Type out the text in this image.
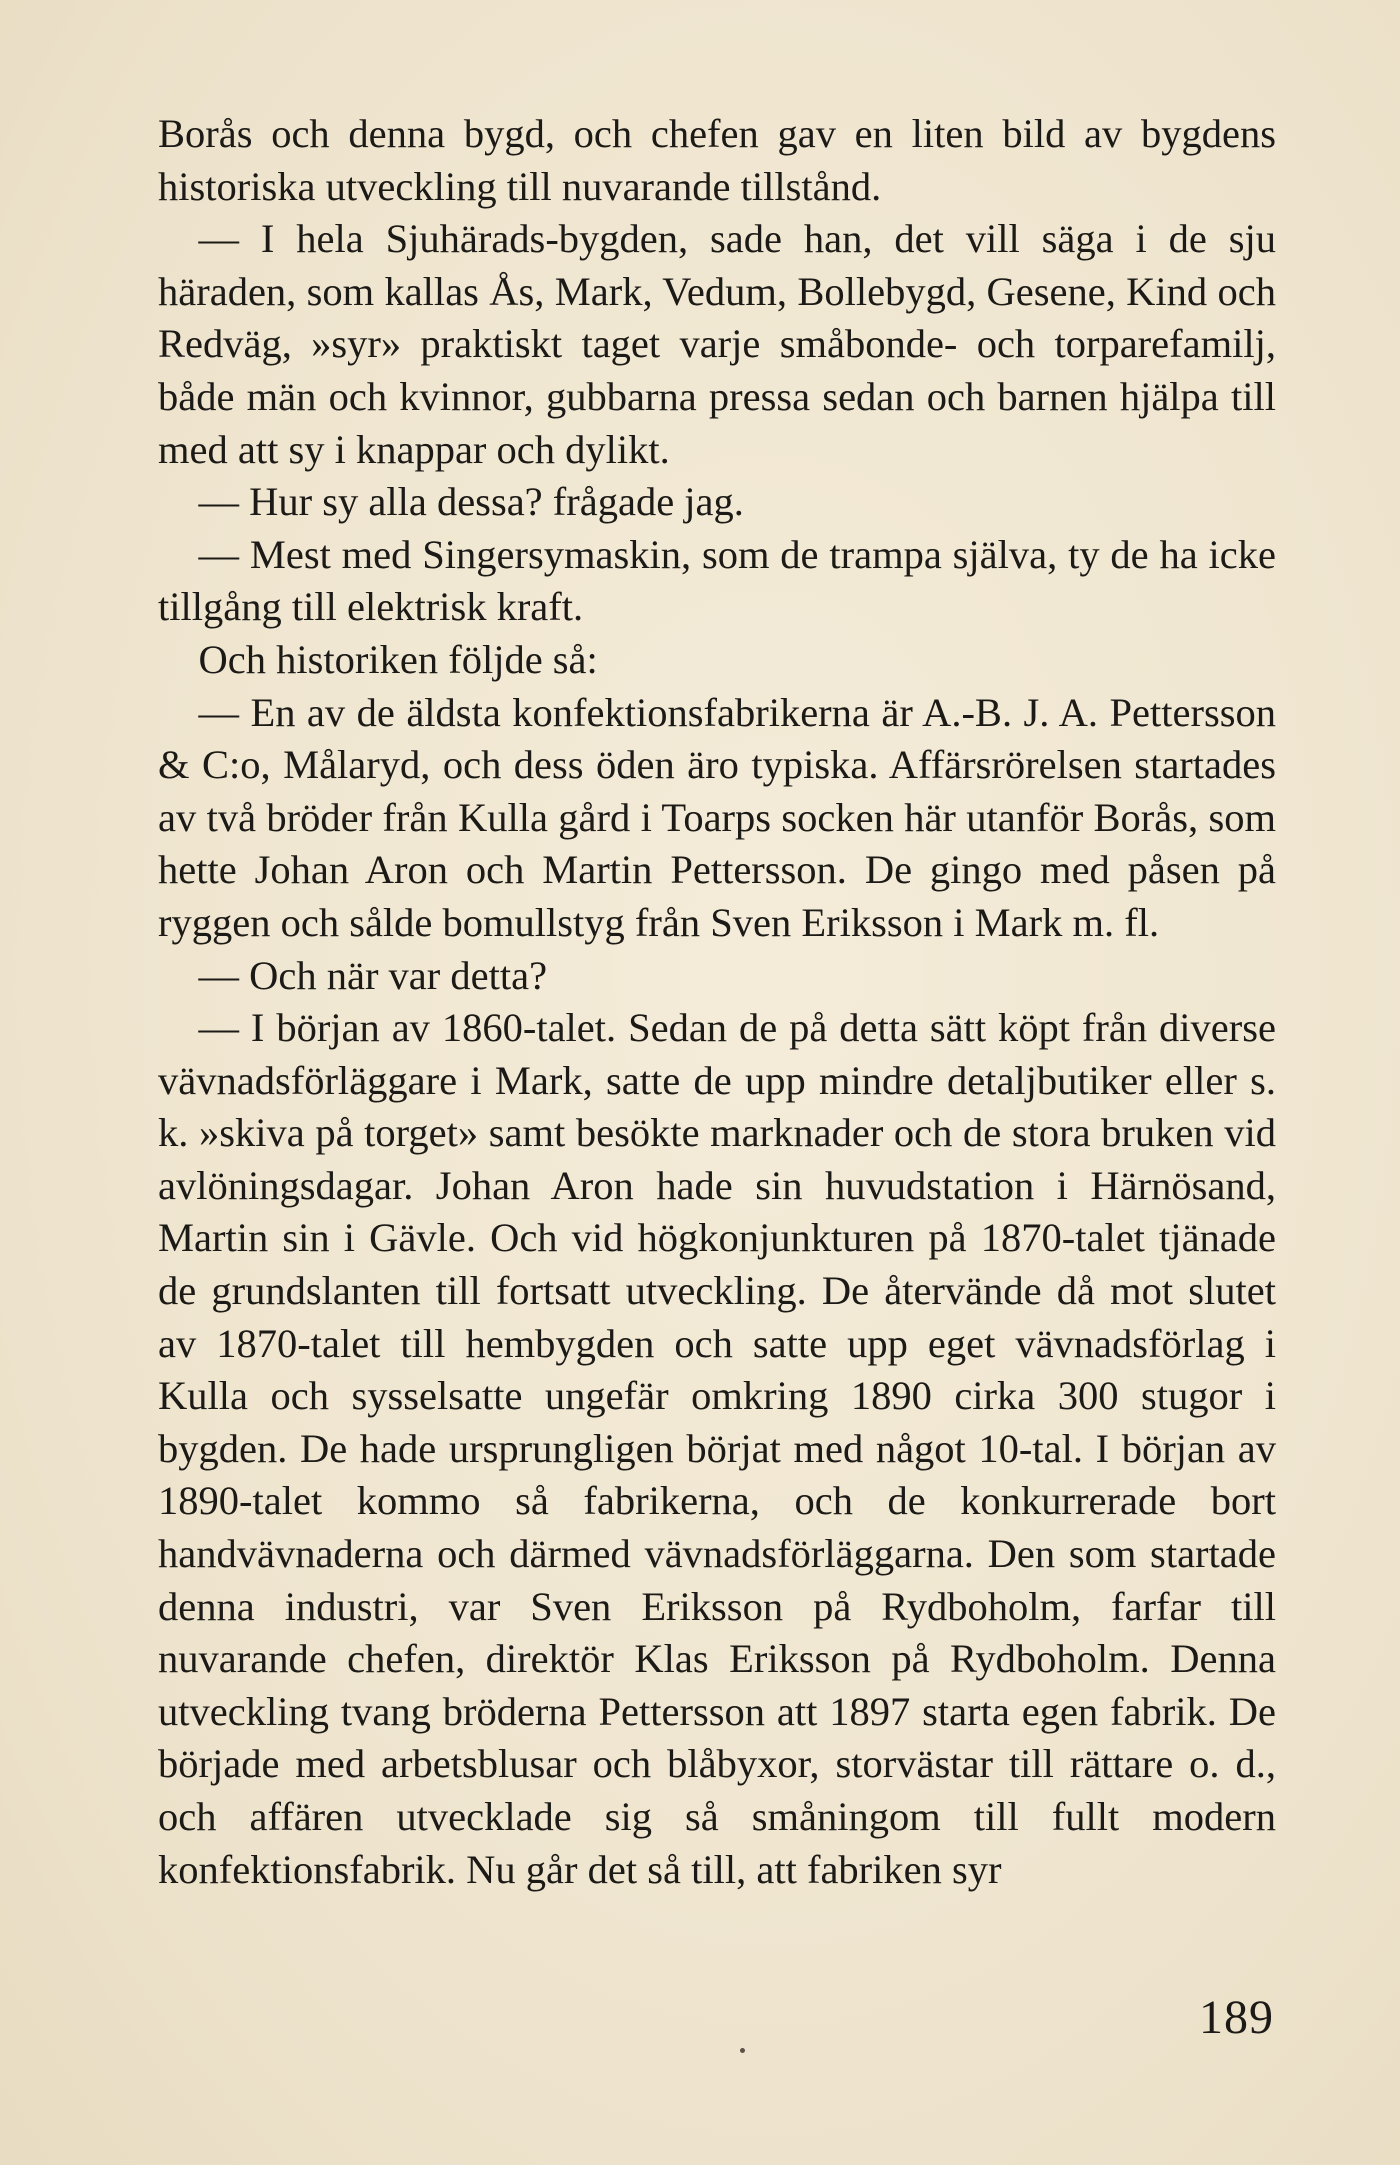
Borås och denna bygd, och chefen gav en liten bild av bygdens historiska utveckling till nuvarande tillstånd.

 — I hela Sjuhärads-bygden, sade han, det vill säga i de sju häraden, som kallas Ås, Mark, Vedum, Bollebygd, Gesene, Kind och Redväg, »syr» praktiskt taget varje småbonde- och torparefamilj, både män och kvinnor, gubbarna pressa sedan och barnen hjälpa till med att sy i knappar och dylikt.

 — Hur sy alla dessa? frågade jag.

 — Mest med Singersymaskin, som de trampa själva, ty de ha icke tillgång till elektrisk kraft.

 Och historiken följde så:

 — En av de äldsta konfektionsfabrikerna är A.-B. J. A. Pettersson & C:o, Målaryd, och dess öden äro typiska. Affärsrörelsen startades av två bröder från Kulla gård i Toarps socken här utanför Borås, som hette Johan Aron och Martin Pettersson. De gingo med påsen på ryggen och sålde bomullstyg från Sven Eriksson i Mark m. fl.

 — Och när var detta?

 — I början av 1860-talet. Sedan de på detta sätt köpt från diverse vävnadsförläggare i Mark, satte de upp mindre detaljbutiker eller s. k. »skiva på torget» samt besökte marknader och de stora bruken vid avlöningsdagar. Johan Aron hade sin huvudstation i Härnösand, Martin sin i Gävle. Och vid högkonjunkturen på 1870-talet tjänade de grundslanten till fortsatt utveckling. De återvände då mot slutet av 1870-talet till hembygden och satte upp eget vävnadsförlag i Kulla och sysselsatte ungefär omkring 1890 cirka 300 stugor i bygden. De hade ursprungligen börjat med något 10-tal. I början av 1890-talet kommo så fabrikerna, och de konkurrerade bort handvävnaderna och därmed vävnadsförläggarna. Den som startade denna industri, var Sven Eriksson på Rydboholm, farfar till nuvarande chefen, direktör Klas Eriksson på Rydboholm. Denna utveckling tvang bröderna Pettersson att 1897 starta egen fabrik. De började med arbetsblusar och blåbyxor, storvästar till rättare o. d., och affären utvecklade sig så småningom till fullt modern konfektionsfabrik. Nu går det så till, att fabriken syr

189
